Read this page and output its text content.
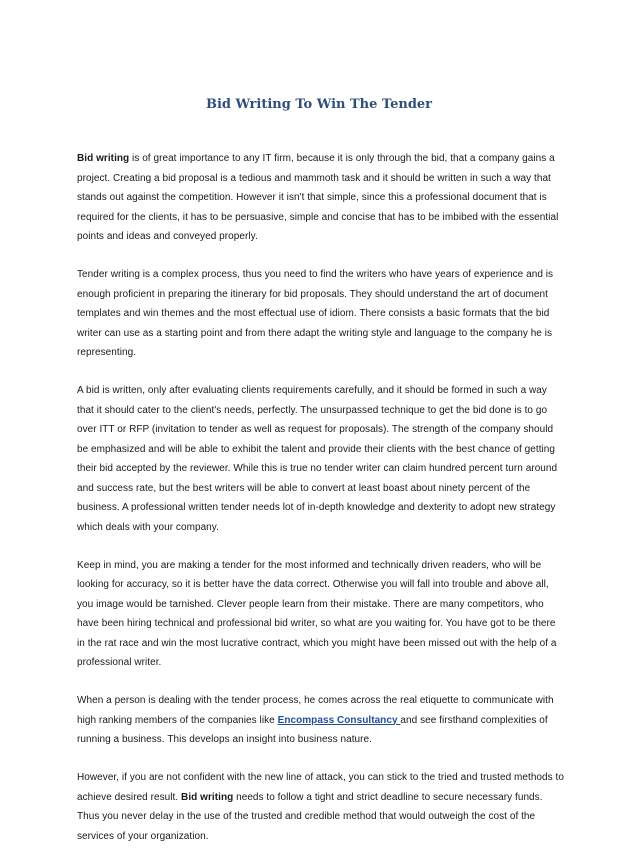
Bid Writing To Win The Tender

Bid writing is of great importance to any IT firm, because it is only through the bid, that a company gains a project. Creating a bid proposal is a tedious and mammoth task and it should be written in such a way that stands out against the competition. However it isn't that simple, since this a professional document that is required for the clients, it has to be persuasive, simple and concise that has to be imbibed with the essential points and ideas and conveyed properly.

Tender writing is a complex process, thus you need to find the writers who have years of experience and is enough proficient in preparing the itinerary for bid proposals. They should understand the art of document templates and win themes and the most effectual use of idiom. There consists a basic formats that the bid writer can use as a starting point and from there adapt the writing style and language to the company he is representing.

A bid is written, only after evaluating clients requirements carefully, and it should be formed in such a way that it should cater to the client's needs, perfectly. The unsurpassed technique to get the bid done is to go over ITT or RFP (invitation to tender as well as request for proposals). The strength of the company should be emphasized and will be able to exhibit the talent and provide their clients with the best chance of getting their bid accepted by the reviewer. While this is true no tender writer can claim hundred percent turn around and success rate, but the best writers will be able to convert at least boast about ninety percent of the business. A professional written tender needs lot of in-depth knowledge and dexterity to adopt new strategy which deals with your company.

Keep in mind, you are making a tender for the most informed and technically driven readers, who will be looking for accuracy, so it is better have the data correct. Otherwise you will fall into trouble and above all, you image would be tarnished. Clever people learn from their mistake. There are many competitors, who have been hiring technical and professional bid writer, so what are you waiting for. You have got to be there in the rat race and win the most lucrative contract, which you might have been missed out with the help of a professional writer.

When a person is dealing with the tender process, he comes across the real etiquette to communicate with high ranking members of the companies like Encompass Consultancy and see firsthand complexities of running a business. This develops an insight into business nature.

However, if you are not confident with the new line of attack, you can stick to the tried and trusted methods to achieve desired result. Bid writing needs to follow a tight and strict deadline to secure necessary funds. Thus you never delay in the use of the trusted and credible method that would outweigh the cost of the services of your organization.
